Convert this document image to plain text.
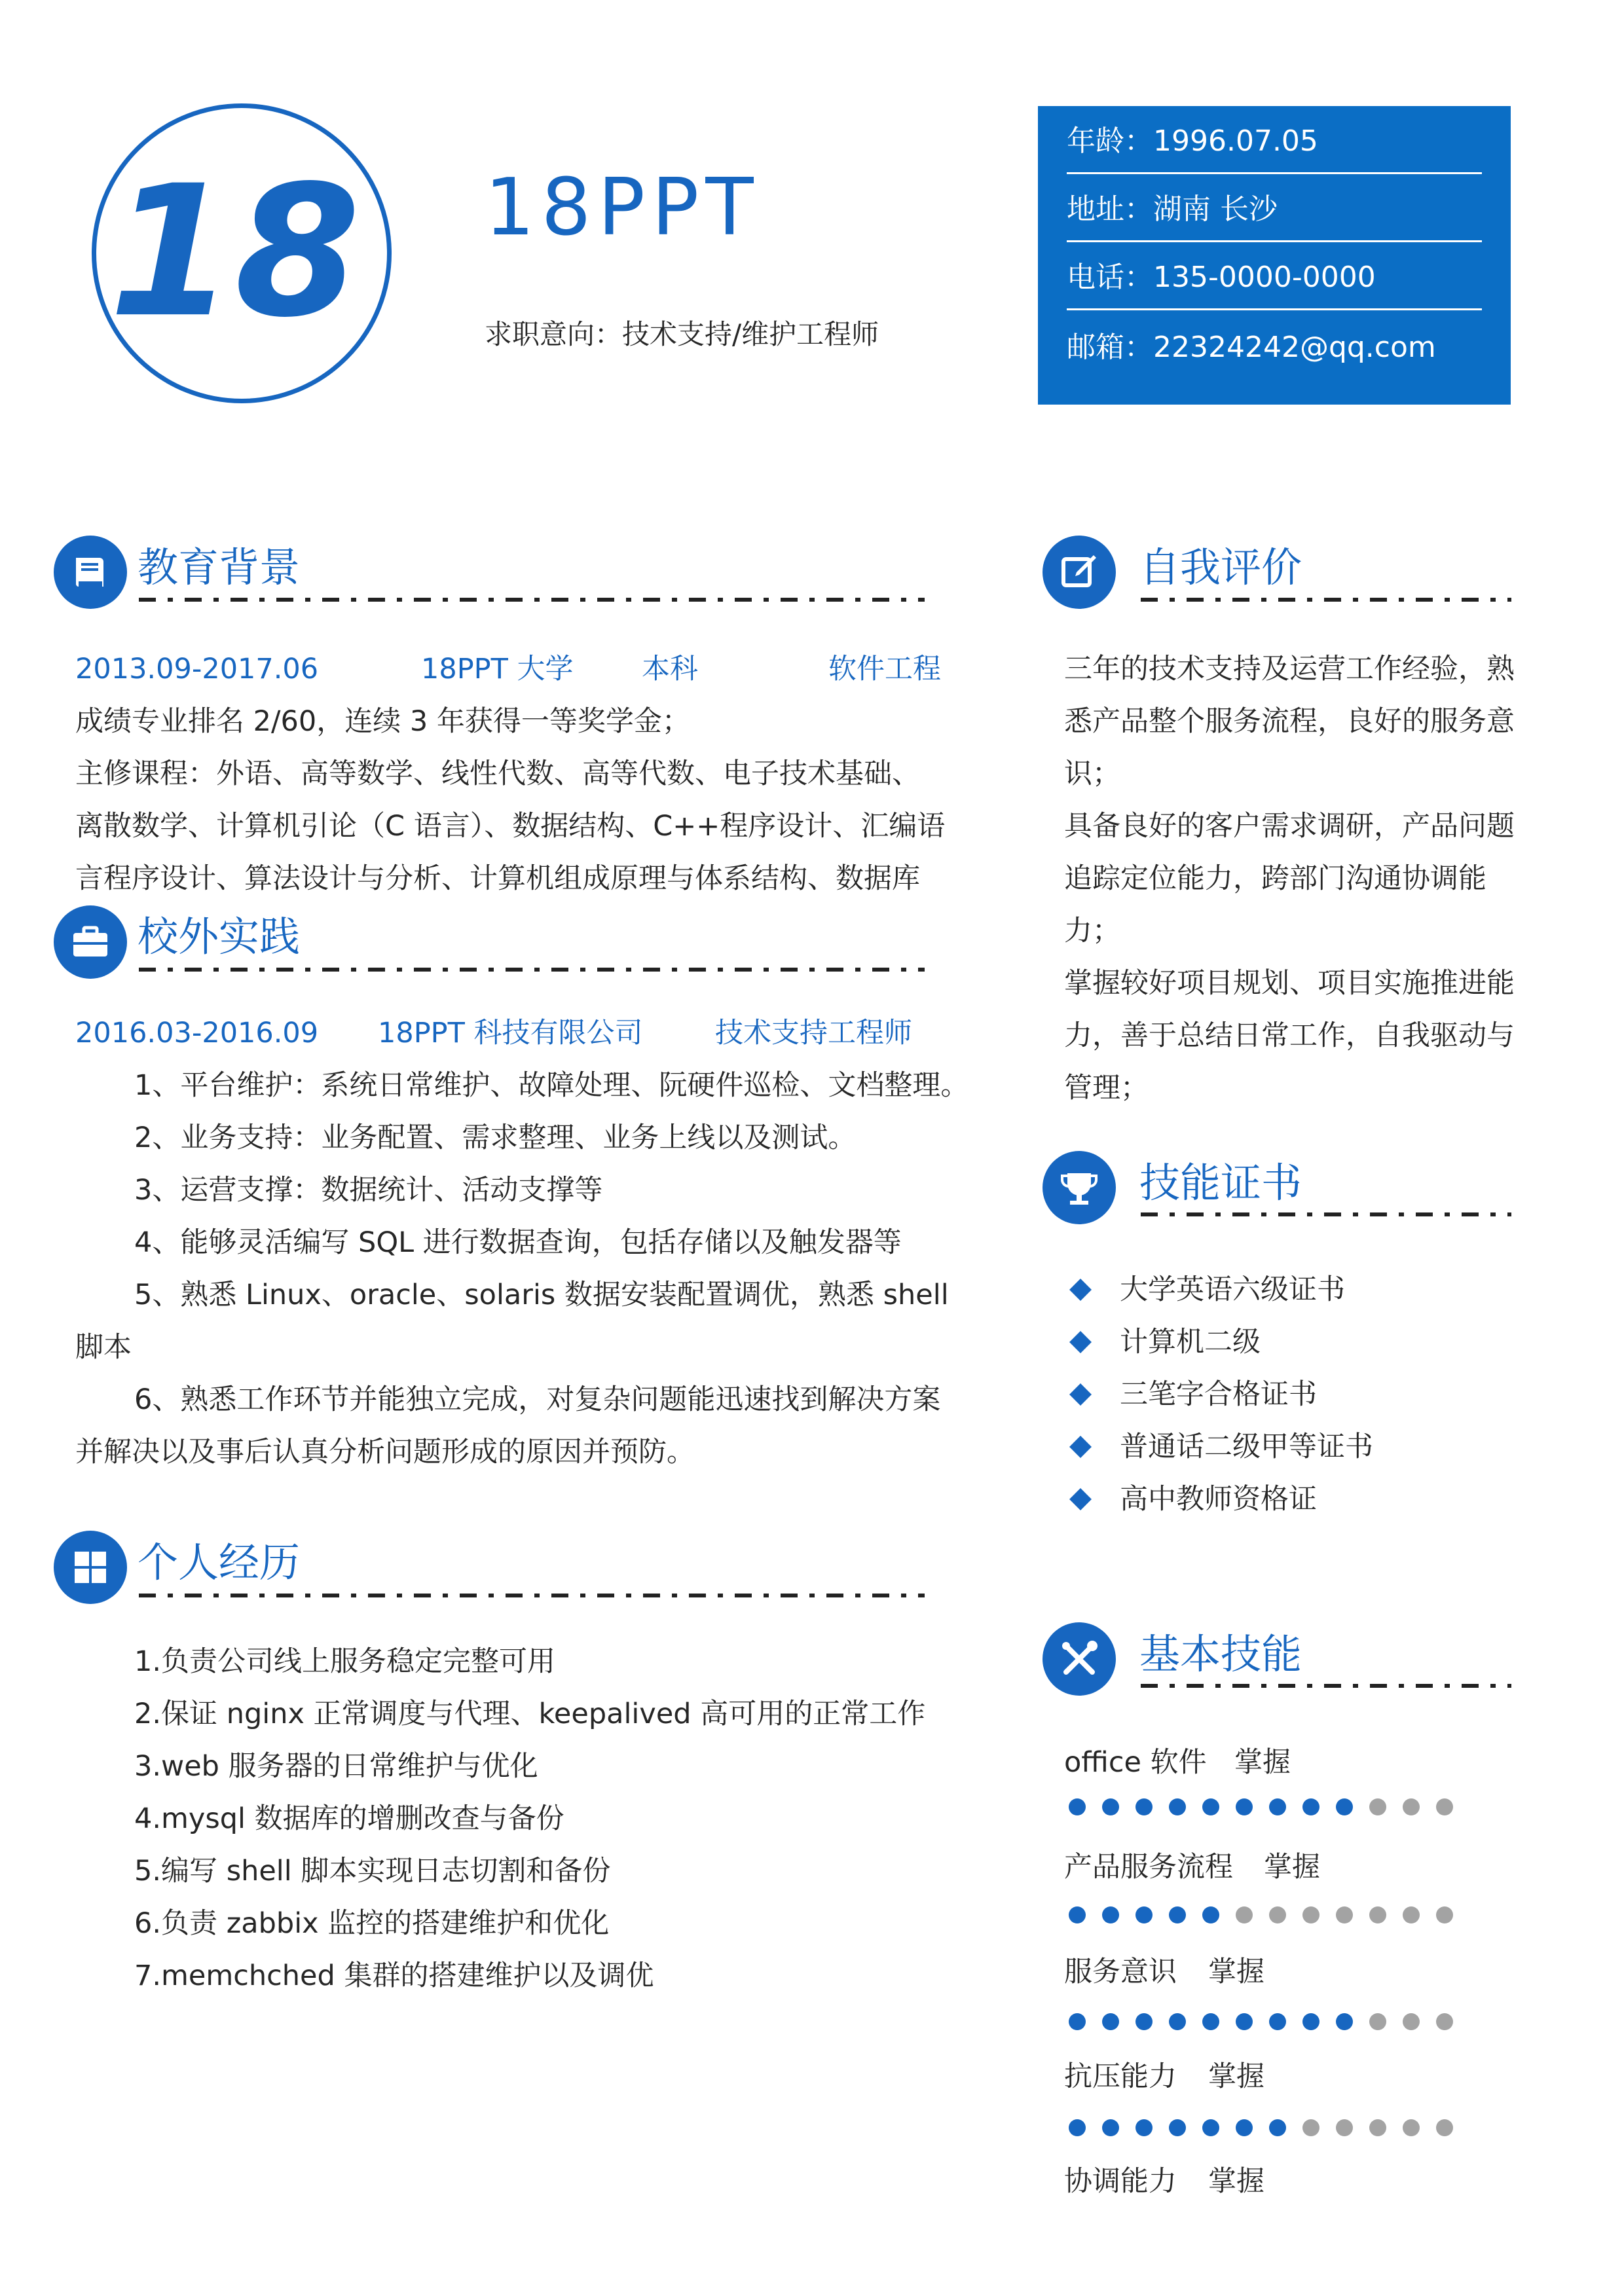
18 18PPT
求职意向：技术支持/维护工程师
年龄：1996.07.05
地址：湖南 长沙
电话：135-0000-0000
邮箱：22324242@qq.com
教育背景
2013.09-2017.06	18PPT 大学 本科	软件工程
成绩专业排名 2/60，连续 3 年获得一等奖学金；
主修课程：外语、高等数学、线性代数、高等代数、电子技术基础、
离散数学、计算机引论（C 语言）、数据结构、C++程序设计、汇编语
言程序设计、算法设计与分析、计算机组成原理与体系结构、数据库
校外实践
2016.03-2016.09 18PPT 科技有限公司	技术支持工程师
1、平台维护：系统日常维护、故障处理、阮硬件巡检、文档整理。
2、业务支持：业务配置、需求整理、业务上线以及测试。
3、运营支撑：数据统计、活动支撑等
4、能够灵活编写 SQL 进行数据查询，包括存储以及触发器等
5、熟悉 Linux、oracle、solaris 数据安装配置调优，熟悉 shell
脚本
6、熟悉工作环节并能独立完成，对复杂问题能迅速找到解决方案
并解决以及事后认真分析问题形成的原因并预防。
个人经历
1.负责公司线上服务稳定完整可用
2.保证 nginx 正常调度与代理、keepalived 高可用的正常工作
3.web 服务器的日常维护与优化
4.mysql 数据库的增删改查与备份
5.编写 shell 脚本实现日志切割和备份
6.负责 zabbix 监控的搭建维护和优化
7.memchched 集群的搭建维护以及调优
自我评价
三年的技术支持及运营工作经验，熟
悉产品整个服务流程，良好的服务意
识；
具备良好的客户需求调研，产品问题
追踪定位能力，跨部门沟通协调能
力；
掌握较好项目规划、项目实施推进能
力，善于总结日常工作，自我驱动与
管理；
技能证书
大学英语六级证书
计算机二级
三笔字合格证书
普通话二级甲等证书
高中教师资格证
基本技能
office 软件 掌握
产品服务流程 掌握
服务意识 掌握
抗压能力 掌握
协调能力 掌握
